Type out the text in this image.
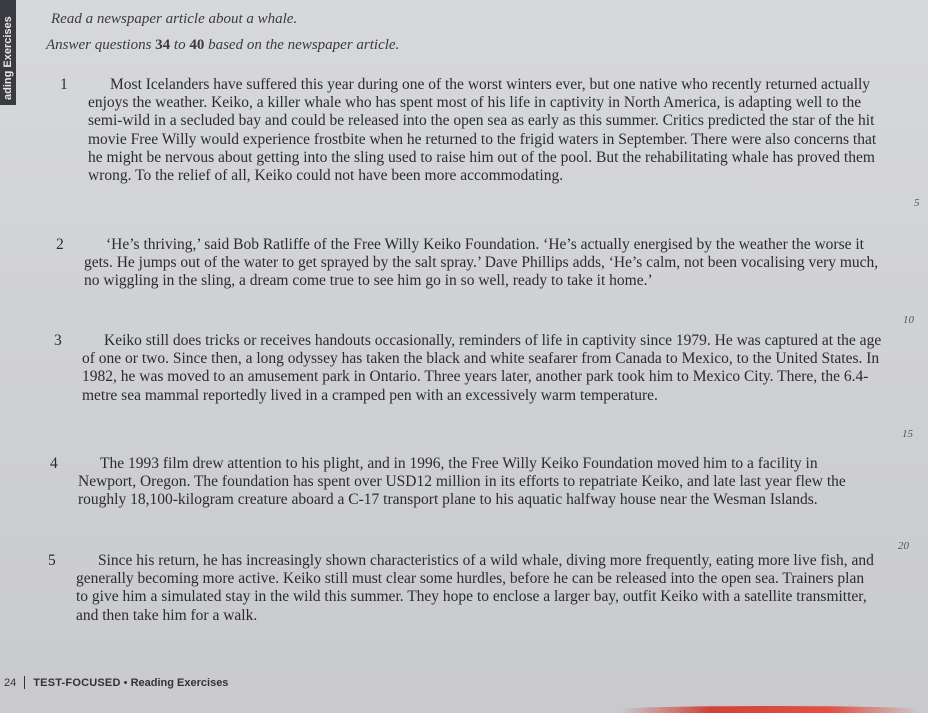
ading Exercises Read a newspaper article about a whale.
Answer questions 34 to 40 based on the newspaper article.
1	Most Icelanders have suffered this year during one of the worst winters ever, but one native who recently returned actually enjoys the weather. Keiko, a killer whale who has spent most of his life in captivity in North America, is adapting well to the semi-wild in a secluded bay and could be released into the open sea as early as this summer. Critics predicted the star of the hit movie Free Willy would experience frostbite when he returned to the frigid waters in September. There were also concerns that he might be nervous about getting into the sling used to raise him out of the pool. But the rehabilitating whale has proved them wrong. To the relief of all, Keiko could not have been more accommodating.
2	‘He’s thriving,’ said Bob Ratliffe of the Free Willy Keiko Foundation. ‘He’s actually energised by the weather the worse it gets. He jumps out of the water to get sprayed by the salt spray.’ Dave Phillips adds, ‘He’s calm, not been vocalising very much, no wiggling in the sling, a dream come true to see him go in so well, ready to take it home.’
3	Keiko still does tricks or receives handouts occasionally, reminders of life in captivity since 1979. He was captured at the age of one or two. Since then, a long odyssey has taken the black and white seafarer from Canada to Mexico, to the United States. In 1982, he was moved to an amusement park in Ontario. Three years later, another park took him to Mexico City. There, the 6.4-metre sea mammal reportedly lived in a cramped pen with an excessively warm temperature.
4	The 1993 film drew attention to his plight, and in 1996, the Free Willy Keiko Foundation moved him to a facility in Newport, Oregon. The foundation has spent over USD12 million in its efforts to repatriate Keiko, and late last year flew the roughly 18,100-kilogram creature aboard a C-17 transport plane to his aquatic halfway house near the Wesman Islands.
5	Since his return, he has increasingly shown characteristics of a wild whale, diving more frequently, eating more live fish, and generally becoming more active. Keiko still must clear some hurdles, before he can be released into the open sea. Trainers plan to give him a simulated stay in the wild this summer. They hope to enclose a larger bay, outfit Keiko with a satellite transmitter, and then take him for a walk.
5
10
15
20
24 TEST-FOCUSED • Reading Exercises
